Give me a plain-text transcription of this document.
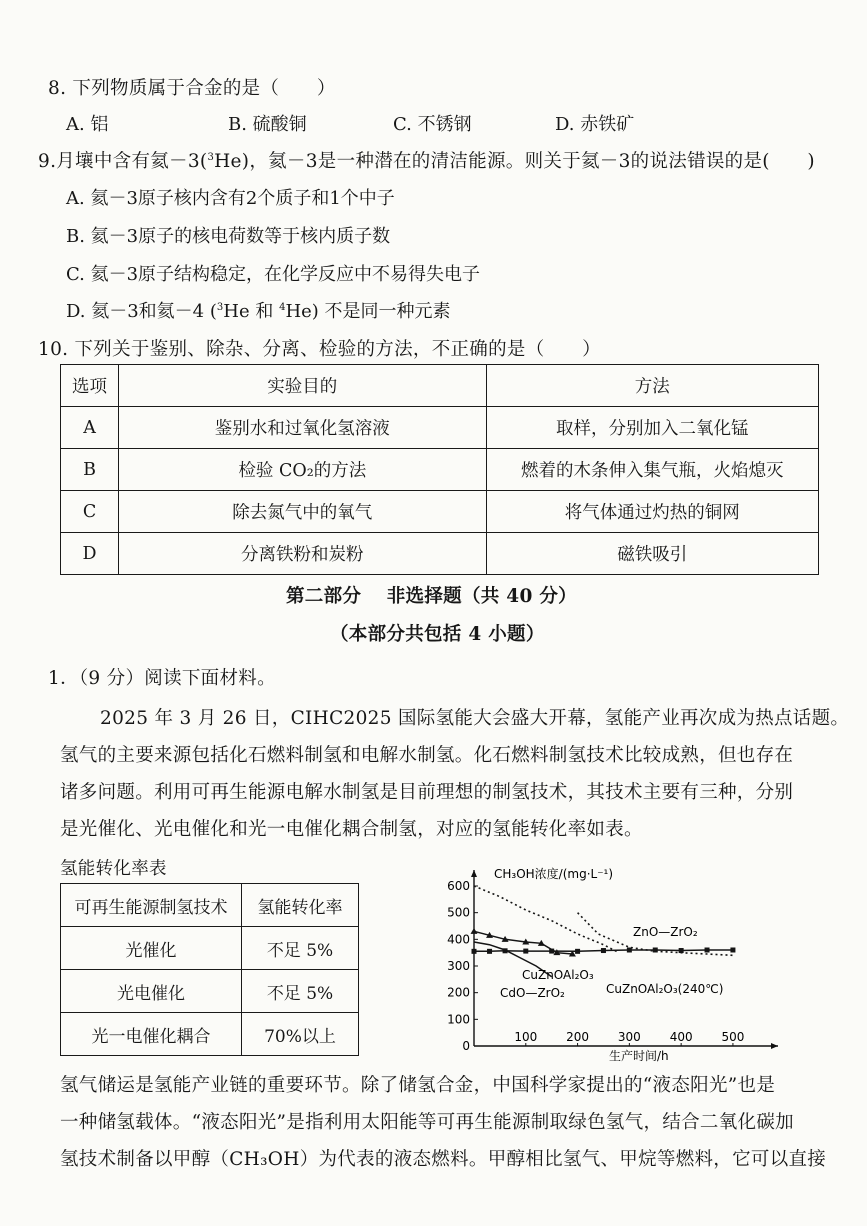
8. 下列物质属于合金的是（　　）
A. 铝	B. 硫酸铜	C. 不锈钢	D. 赤铁矿
9.月壤中含有氦－3($^3$He)，氦－3是一种潜在的清洁能源。则关于氦－3的说法错误的是(　　)
A. 氦－3原子核内含有2个质子和1个中子
B. 氦－3原子的核电荷数等于核内质子数
C. 氦－3原子结构稳定，在化学反应中不易得失电子
D. 氦－3和氦－4 ($^3$He 和 $^4$He) 不是同一种元素
10. 下列关于鉴别、除杂、分离、检验的方法，不正确的是（　　）
选项	实验目的	方法
A	鉴别水和过氧化氢溶液	取样，分别加入二氧化锰
B	检验 CO₂的方法	燃着的木条伸入集气瓶，火焰熄灭
C	除去氮气中的氧气	将气体通过灼热的铜网
D	分离铁粉和炭粉	磁铁吸引
第二部分　 非选择题（共 40 分）
（本部分共包括 4 小题）
1．（9 分）阅读下面材料。
2025 年 3 月 26 日，CIHC2025 国际氢能大会盛大开幕，氢能产业再次成为热点话题。
氢气的主要来源包括化石燃料制氢和电解水制氢。化石燃料制氢技术比较成熟，但也存在
诸多问题。利用可再生能源电解水制氢是目前理想的制氢技术，其技术主要有三种，分别
是光催化、光电催化和光一电催化耦合制氢，对应的氢能转化率如表。
氢能转化率表
可再生能源制氢技术	氢能转化率
光催化	不足 5%
光电催化	不足 5%
光一电催化耦合	70%以上	0
100
200
300
400
500
600
100 200 300 400 500
CH₃OH浓度/(mg·L⁻¹)
生产时间/h
ZnO—ZrO₂
CuZnOAl₂O₃
CdO—ZrO₂	CuZnOAl₂O₃(240℃)
氢气储运是氢能产业链的重要环节。除了储氢合金，中国科学家提出的“液态阳光”也是
一种储氢载体。“液态阳光”是指利用太阳能等可再生能源制取绿色氢气，结合二氧化碳加
氢技术制备以甲醇（CH₃OH）为代表的液态燃料。甲醇相比氢气、甲烷等燃料，它可以直接
